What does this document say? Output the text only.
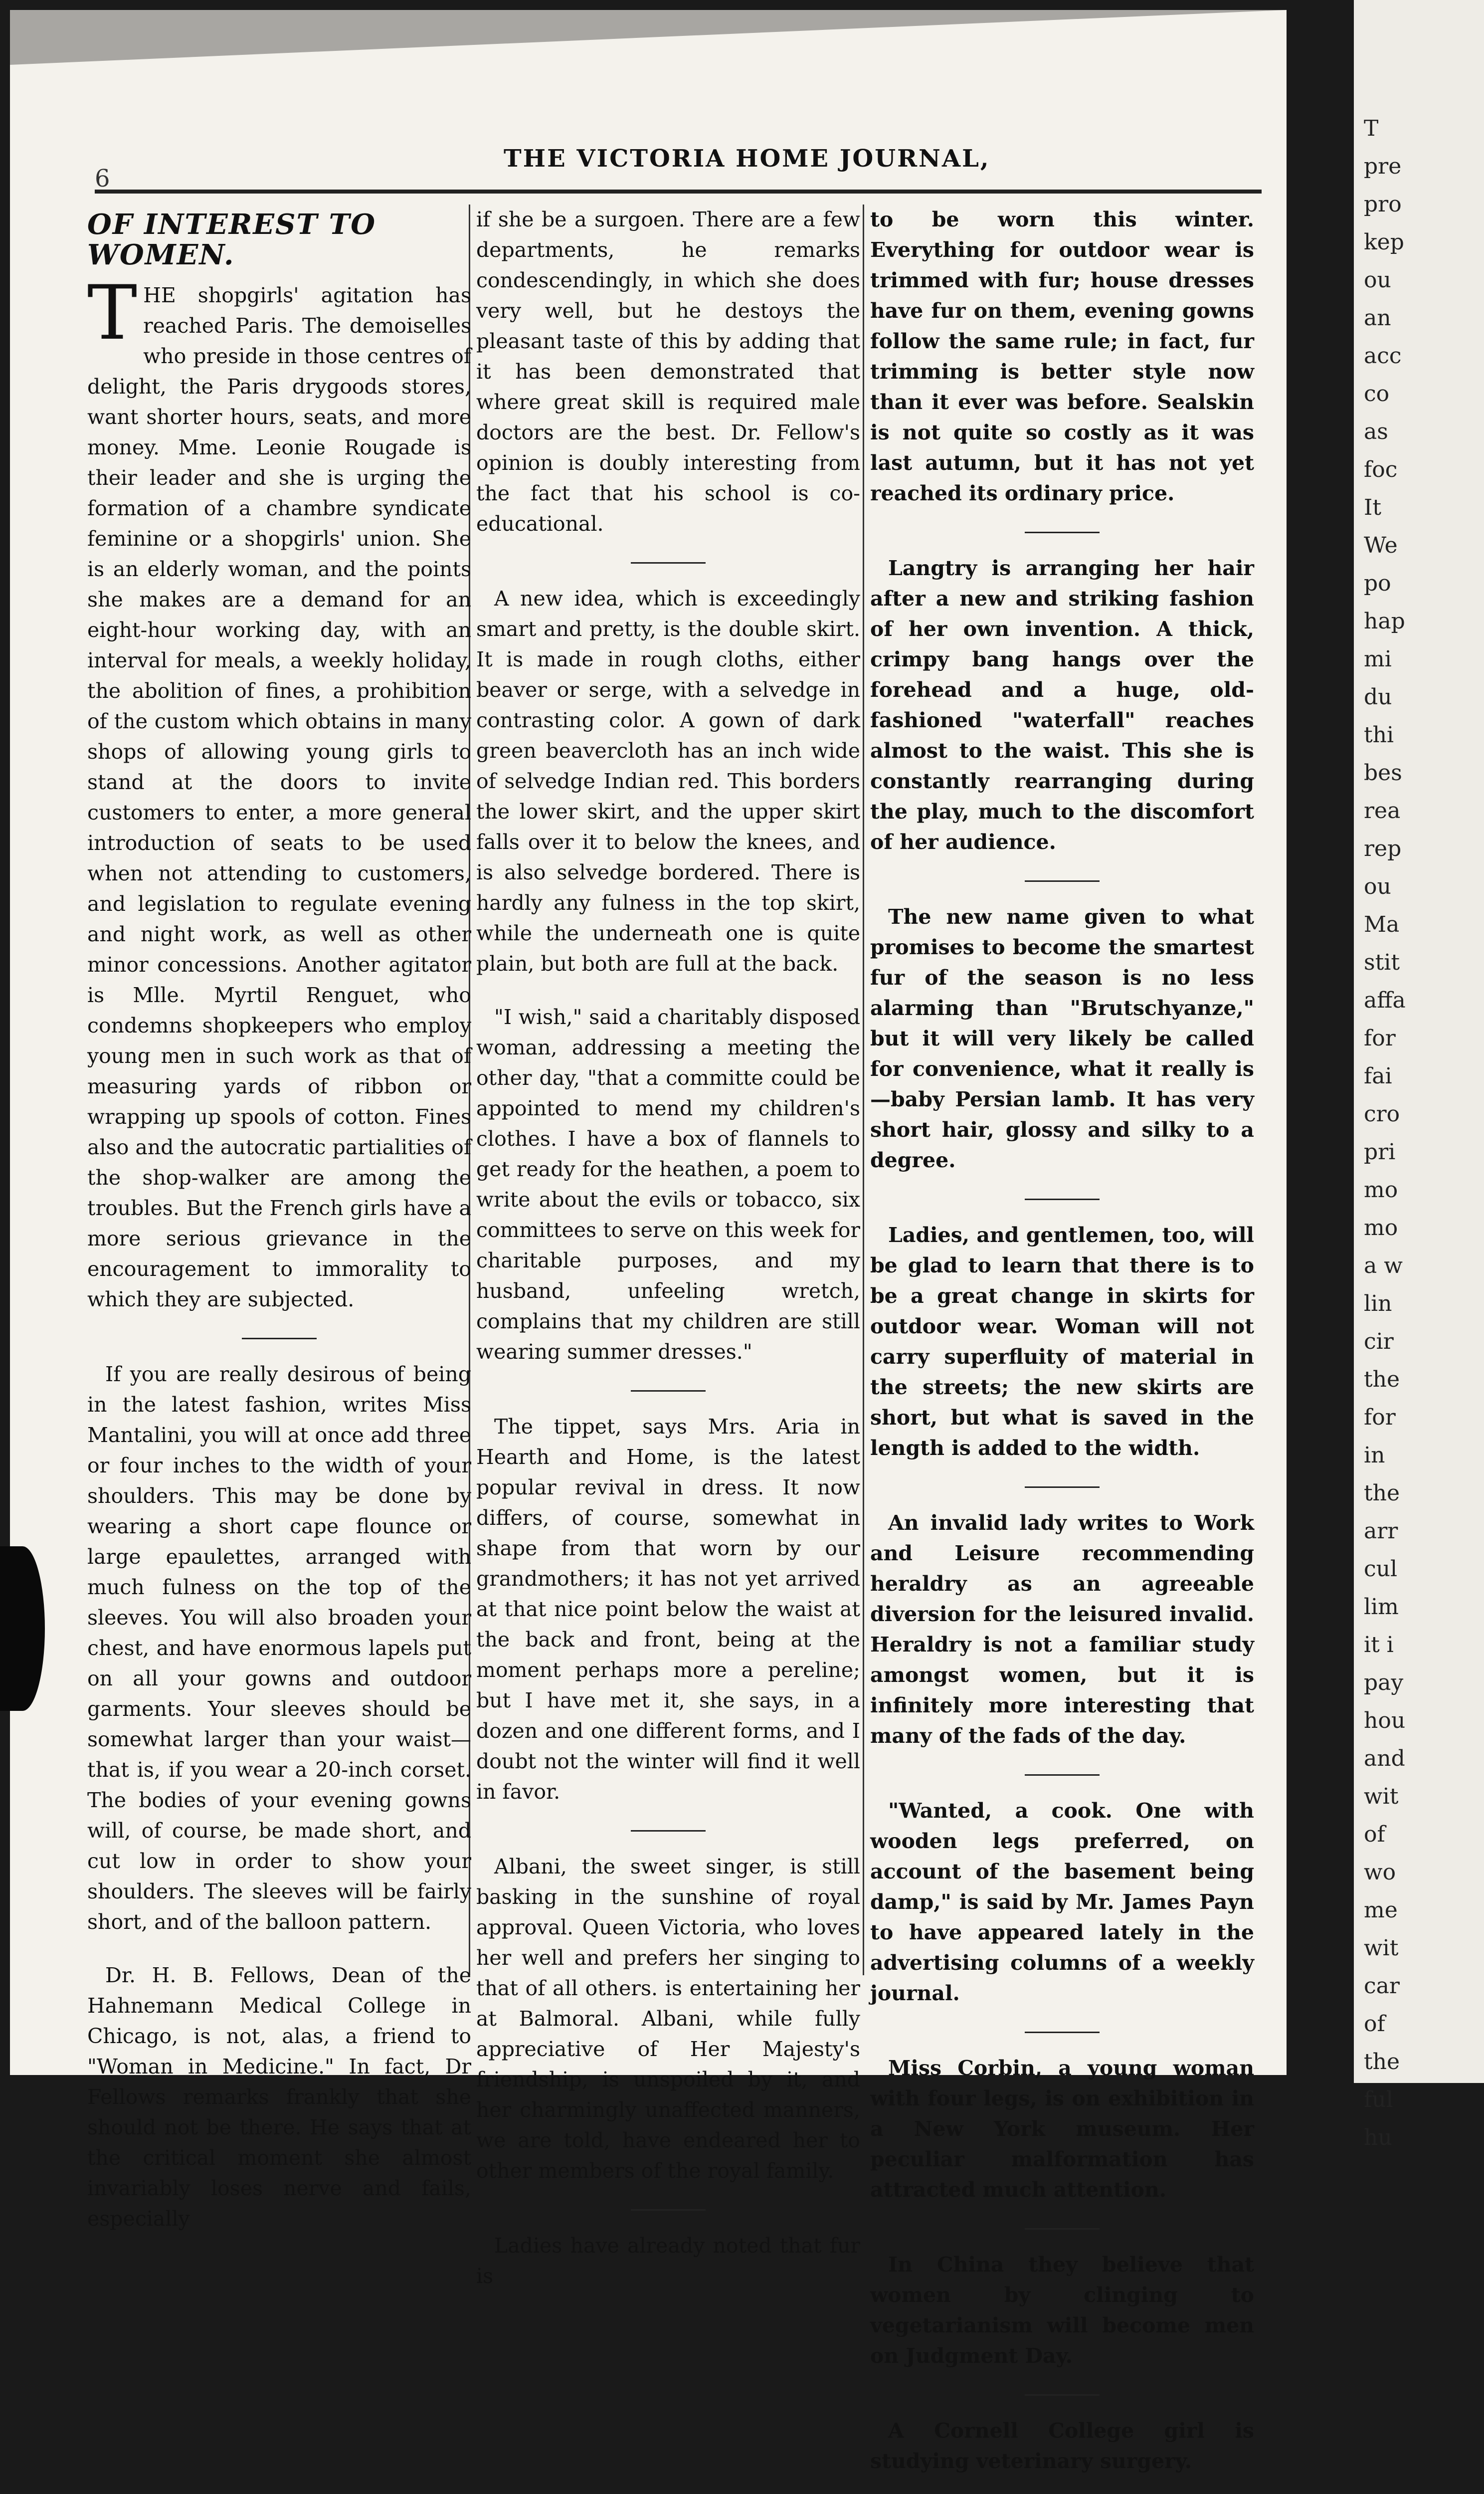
6
THE VICTORIA HOME JOURNAL,
OF INTEREST TO WOMEN.

THE shopgirls' agitation has reached Paris. The demoiselles who preside in those centres of delight, the Paris drygoods stores, want shorter hours, seats, and more money. Mme. Leonie Rougade is their leader and she is urging the formation of a chambre syndicate feminine or a shopgirls' union. She is an elderly woman, and the points she makes are a demand for an eight-hour working day, with an interval for meals, a weekly holiday, the abolition of fines, a prohibition of the custom which obtains in many shops of allowing young girls to stand at the doors to invite customers to enter, a more general introduction of seats to be used when not attending to customers, and legislation to regulate evening and night work, as well as other minor concessions. Another agitator is Mlle. Myrtil Renguet, who condemns shopkeepers who employ young men in such work as that of measuring yards of ribbon or wrapping up spools of cotton. Fines also and the autocratic partialities of the shop-walker are among the troubles. But the French girls have a more serious grievance in the encouragement to immorality to which they are subjected.

If you are really desirous of being in the latest fashion, writes Miss Mantalini, you will at once add three or four inches to the width of your shoulders. This may be done by wearing a short cape flounce or large epaulettes, arranged with much fulness on the top of the sleeves. You will also broaden your chest, and have enormous lapels put on all your gowns and outdoor garments. Your sleeves should be somewhat larger than your waist—that is, if you wear a 20-inch corset. The bodies of your evening gowns will, of course, be made short, and cut low in order to show your shoulders. The sleeves will be fairly short, and of the balloon pattern.

Dr. H. B. Fellows, Dean of the Hahnemann Medical College in Chicago, is not, alas, a friend to "Woman in Medicine." In fact, Dr Fellows remarks frankly that she should not be there. He says that at the critical moment she almost invariably loses nerve and fails, especially

if she be a surgoen. There are a few departments, he remarks condescendingly, in which she does very well, but he destoys the pleasant taste of this by adding that it has been demonstrated that where great skill is required male doctors are the best. Dr. Fellow's opinion is doubly interesting from the fact that his school is co-educational.

A new idea, which is exceedingly smart and pretty, is the double skirt. It is made in rough cloths, either beaver or serge, with a selvedge in contrasting color. A gown of dark green beavercloth has an inch wide of selvedge Indian red. This borders the lower skirt, and the upper skirt falls over it to below the knees, and is also selvedge bordered. There is hardly any fulness in the top skirt, while the underneath one is quite plain, but both are full at the back.

"I wish," said a charitably disposed woman, addressing a meeting the other day, "that a committe could be appointed to mend my children's clothes. I have a box of flannels to get ready for the heathen, a poem to write about the evils or tobacco, six committees to serve on this week for charitable purposes, and my husband, unfeeling wretch, complains that my children are still wearing summer dresses."

The tippet, says Mrs. Aria in Hearth and Home, is the latest popular revival in dress. It now differs, of course, somewhat in shape from that worn by our grandmothers; it has not yet arrived at that nice point below the waist at the back and front, being at the moment perhaps more a pereline; but I have met it, she says, in a dozen and one different forms, and I doubt not the winter will find it well in favor.

Albani, the sweet singer, is still basking in the sunshine of royal approval. Queen Victoria, who loves her well and prefers her singing to that of all others. is entertaining her at Balmoral. Albani, while fully appreciative of Her Majesty's friendship, is unspoiled by it, and her charmingly unaffected manners, we are told, have endeared her to other members of the royal family.

Ladies have already noted that fur is

to be worn this winter. Everything for outdoor wear is trimmed with fur; house dresses have fur on them, evening gowns follow the same rule; in fact, fur trimming is better style now than it ever was before. Sealskin is not quite so costly as it was last autumn, but it has not yet reached its ordinary price.

Langtry is arranging her hair after a new and striking fashion of her own invention. A thick, crimpy bang hangs over the forehead and a huge, old-fashioned "waterfall" reaches almost to the waist. This she is constantly rearranging during the play, much to the discomfort of her audience.

The new name given to what promises to become the smartest fur of the season is no less alarming than "Brutschyanze," but it will very likely be called for convenience, what it really is—baby Persian lamb. It has very short hair, glossy and silky to a degree.

Ladies, and gentlemen, too, will be glad to learn that there is to be a great change in skirts for outdoor wear. Woman will not carry superfluity of material in the streets; the new skirts are short, but what is saved in the length is added to the width.

An invalid lady writes to Work and Leisure recommending heraldry as an agreeable diversion for the leisured invalid. Heraldry is not a familiar study amongst women, but it is infinitely more interesting that many of the fads of the day.

"Wanted, a cook. One with wooden legs preferred, on account of the basement being damp," is said by Mr. James Payn to have appeared lately in the advertising columns of a weekly journal.

Miss Corbin, a young woman with four legs, is on exhibition in a New York museum. Her peculiar malformation has attracted much attention.

In China they believe that women by clinging to vegetarianism will become men on Judgment Day.

A Cornell College girl is studying veterinary surgery.

T
pre
pro
kep
ou
an
acc
co
as
foc
It
We
po
hap
mi
du
thi
bes
rea
rep
ou
Ma
stit
affa
for
fai
cro
pri
mo
mo
a w
lin
cir
the
for
in
the
arr
cul
lim
it i
pay
hou
and
wit
of
wo
me
wit
car
of
the
ful
hu
